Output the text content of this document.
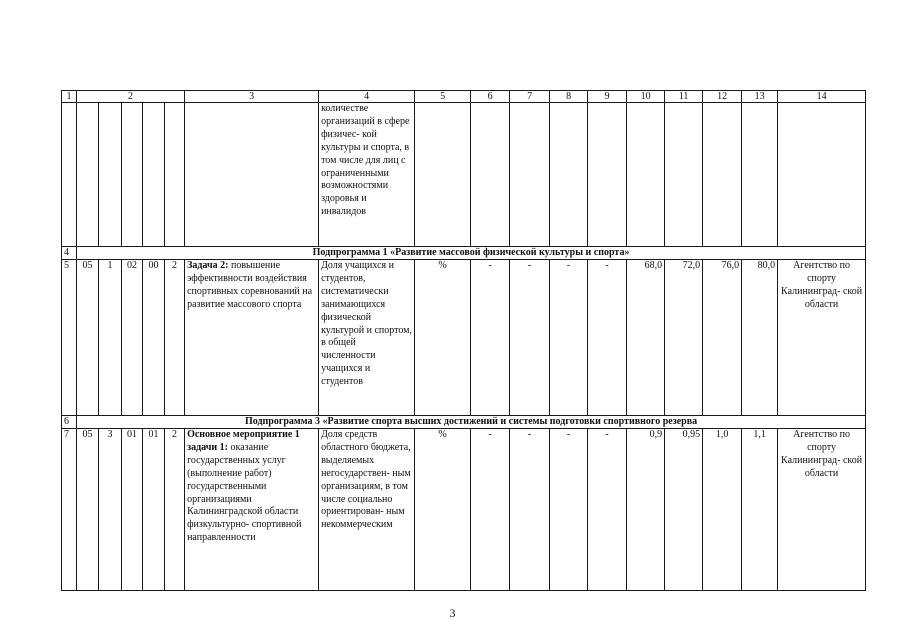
1	2					3	4	5	6	7	8	9	10	11	12	13	14
							количестве организаций в сфере физичес- кой культуры и спорта, в том числе для лиц с ограниченными возможностями здоровья и инвалидов										
4	Подпрограмма 1 «Развитие массовой физической культуры и спорта»																
5	05	1	02	00	2	Задача 2: повышение эффективности воздействия спортивных соревнований на развитие массового спорта	Доля учащихся и студентов, систематически занимающихся физической культурой и спортом, в общей численности учащихся и студентов	%	-	-	-	-	68,0	72,0	76,0	80,0	Агентство по спорту Калининград- ской области
6	Подпрограмма 3 «Развитие спорта высших достижений и системы подготовки спортивного резерва																
7	05	3	01	01	2	Основное мероприятие 1 задачи 1: оказание государственных услуг (выполнение работ) государственными организациями Калининградской области физкультурно- спортивной направленности	Доля средств областного бюджета, выделяемых негосударствен- ным организациям, в том числе социально ориентирован- ным некоммерческим	%	-	-	-	-	0,9	0,95	1,0	1,1	Агентство по спорту Калининград- ской области
3
